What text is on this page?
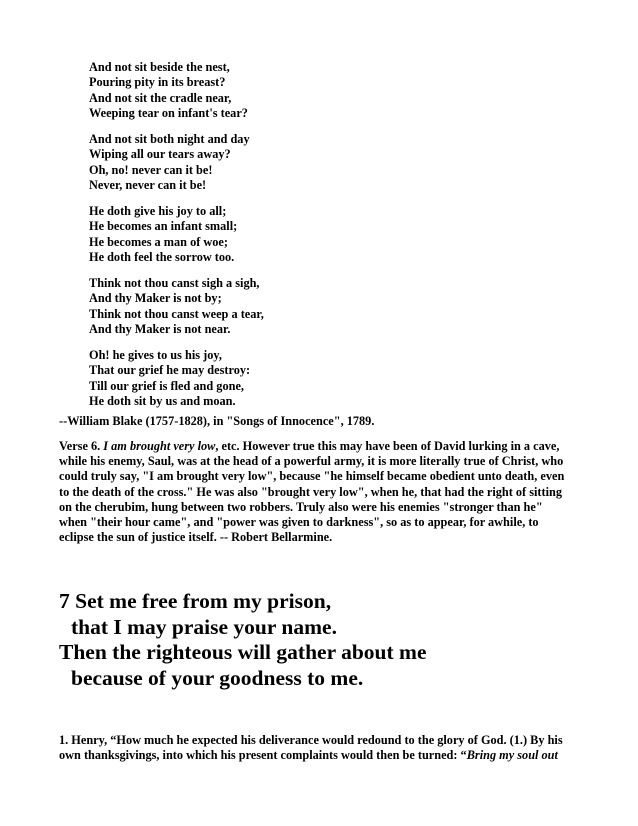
And not sit beside the nest,
Pouring pity in its breast?
And not sit the cradle near,
Weeping tear on infant's tear?
And not sit both night and day
Wiping all our tears away?
Oh, no! never can it be!
Never, never can it be!
He doth give his joy to all;
He becomes an infant small;
He becomes a man of woe;
He doth feel the sorrow too.
Think not thou canst sigh a sigh,
And thy Maker is not by;
Think not thou canst weep a tear,
And thy Maker is not near.
Oh! he gives to us his joy,
That our grief he may destroy:
Till our grief is fled and gone,
He doth sit by us and moan.
--William Blake (1757-1828), in "Songs of Innocence", 1789.
Verse 6. I am brought very low, etc. However true this may have been of David lurking in a cave,
while his enemy, Saul, was at the head of a powerful army, it is more literally true of Christ, who
could truly say, "I am brought very low", because "he himself became obedient unto death, even
to the death of the cross." He was also "brought very low", when he, that had the right of sitting
on the cherubim, hung between two robbers. Truly also were his enemies "stronger than he"
when "their hour came", and "power was given to darkness", so as to appear, for awhile, to
eclipse the sun of justice itself. -- Robert Bellarmine.
7 Set me free from my prison,
that I may praise your name.
Then the righteous will gather about me
because of your goodness to me.
1. Henry, “How much he expected his deliverance would redound to the glory of God. (1.) By his
own thanksgivings, into which his present complaints would then be turned: “Bring my soul out
